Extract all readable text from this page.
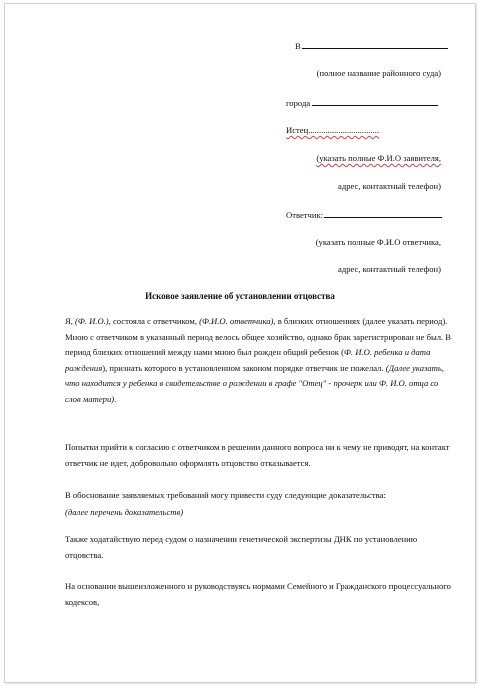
В
(полное название районного суда)
города
Истец.................................
(указать полные Ф.И.О заявителя,
адрес, контактный телефон)
Ответчик:
(указать полные Ф.И.О ответчика,
адрес, контактный телефон)
Исковое заявление об установлении отцовства
Я, (Ф. И.О.), состояла с ответчиком, (Ф.И.О. ответчика), в близких отношениях (далее указать период). Мною с ответчиком в указанный период велось общее хозяйство, однако брак зарегистрирован не был. В период близких отношений между нами мною был рожден общий ребенок (Ф. И.О. ребенка и дата рождения), признать которого в установленном законом порядке ответчик не пожелал. (Далее указать, что находится у ребенка в свидетельстве о рождении в графе "Отец" - прочерк или Ф. И.О. отца со слов матери).
Попытки прийти к согласию с ответчиком в решении данного вопроса ни к чему не приводят, на контакт ответчик не идет, добровольно оформлять отцовство отказывается.
В обоснование заявляемых требований могу привести суду следующие доказательства:
(далее перечень доказательств)
Также ходатайствую перед судом о назначении генетической экспертизы ДНК по установлению отцовства.
На основании вышеизложенного и руководствуясь нормами Семейного и Гражданского процессуального кодексов,
